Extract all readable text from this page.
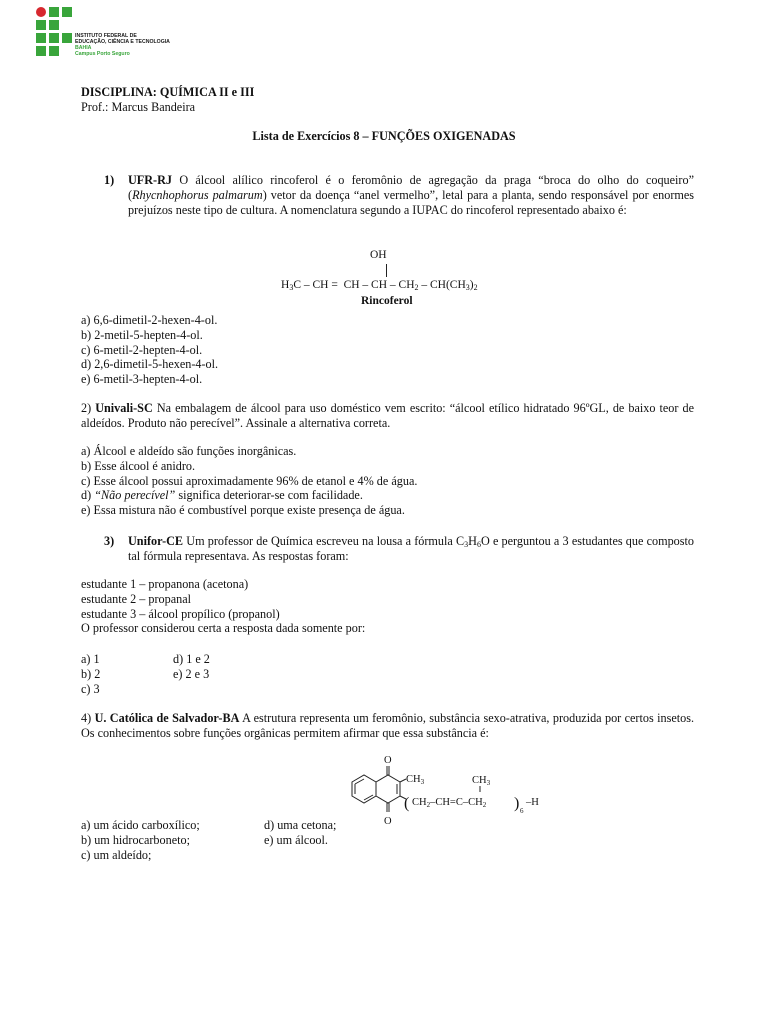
INSTITUTO FEDERAL DE
EDUCAÇÃO, CIÊNCIA E TECNOLOGIA
BAHIA
Campus Porto Seguro
DISCIPLINA: QUÍMICA II e III
Prof.: Marcus Bandeira
Lista de Exercícios 8 – FUNÇÕES OXIGENADAS
1) UFR-RJ O álcool alílico rincoferol é o feromônio de agregação da praga “broca do olho do coqueiro” (Rhycnhophorus palmarum) vetor da doença “anel vermelho”, letal para a planta, sendo responsável por enormes prejuízos neste tipo de cultura. A nomenclatura segundo a IUPAC do rincoferol representado abaixo é:
OH
$H_3C$ – CH =  CH – CH – $CH_2 - CH(CH_3)_2$
Rincoferol
a) 6,6-dimetil-2-hexen-4-ol.
b) 2-metil-5-hepten-4-ol.
c) 6-metil-2-hepten-4-ol.
d) 2,6-dimetil-5-hexen-4-ol.
e) 6-metil-3-hepten-4-ol.
2) Univali-SC Na embalagem de álcool para uso doméstico vem escrito: “álcool etílico hidratado 96ºGL, de baixo teor de aldeídos. Produto não perecível”. Assinale a alternativa correta.
a) Álcool e aldeído são funções inorgânicas.
b) Esse álcool é anidro.
c) Esse álcool possui aproximadamente 96% de etanol e 4% de água.
d) “Não perecível” significa deteriorar-se com facilidade.
e) Essa mistura não é combustível porque existe presença de água.
3) Unifor-CE Um professor de Química escreveu na lousa a fórmula $C_3H_6O$ e perguntou a 3 estudantes que composto tal fórmula representava. As respostas foram:
estudante 1 – propanona (acetona)
estudante 2 – propanal
estudante 3 – álcool propílico (propanol)
O professor considerou certa a resposta dada somente por:
a) 1
b) 2
c) 3
d) 1 e 2
e) 2 e 3
4) U. Católica de Salvador-BA A estrutura representa um feromônio, substância sexo-atrativa, produzida por certos insetos. Os conhecimentos sobre funções orgânicas permitem afirmar que essa substância é:
O
O
CH3	CH3
( CH2–CH=C–CH2 ) 6
–H
a) um ácido carboxílico;
b) um hidrocarboneto;
c) um aldeído;
d) uma cetona;
e) um álcool.
